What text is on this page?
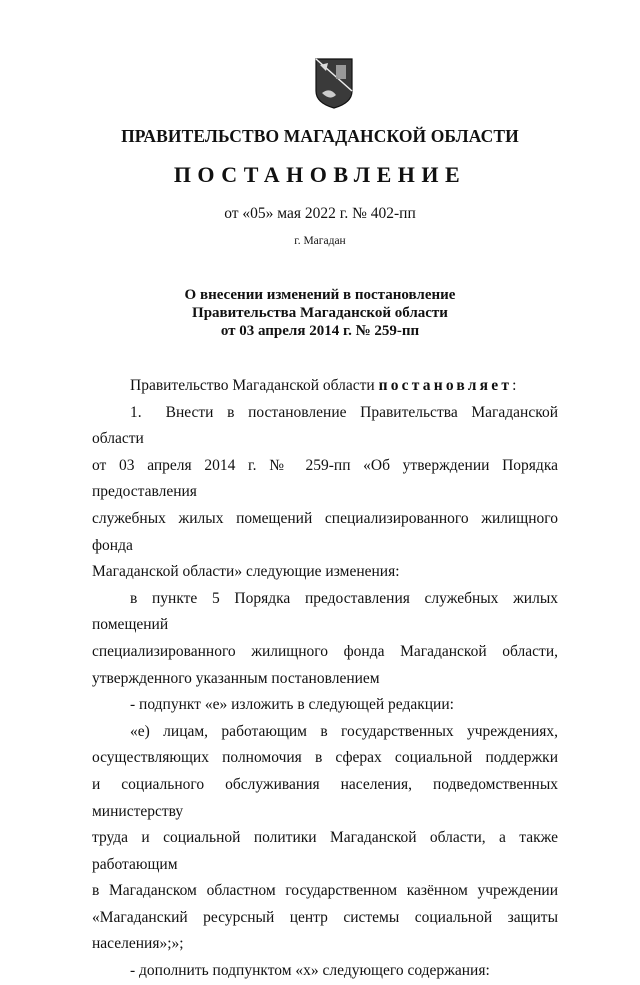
ПРАВИТЕЛЬСТВО МАГАДАНСКОЙ ОБЛАСТИ
ПОСТАНОВЛЕНИЕ
от «05» мая 2022 г. № 402-пп
г. Магадан
О внесении изменений в постановление
Правительства Магаданской области
от 03 апреля 2014 г. № 259-пп

Правительство Магаданской области постановляет:

1. Внести в постановление Правительства Магаданской области

от 03 апреля 2014 г. № 259-пп «Об утверждении Порядка предоставления

служебных жилых помещений специализированного жилищного фонда

Магаданской области» следующие изменения:

в пункте 5 Порядка предоставления служебных жилых помещений

специализированного жилищного фонда Магаданской области,

утвержденного указанным постановлением

- подпункт «е» изложить в следующей редакции:

«е) лицам, работающим в государственных учреждениях,

осуществляющих полномочия в сферах социальной поддержки

и социального обслуживания населения, подведомственных министерству

труда и социальной политики Магаданской области, а также работающим

в Магаданском областном государственном казённом учреждении

«Магаданский ресурсный центр системы социальной защиты

населения»;»;

- дополнить подпунктом «х» следующего содержания:
